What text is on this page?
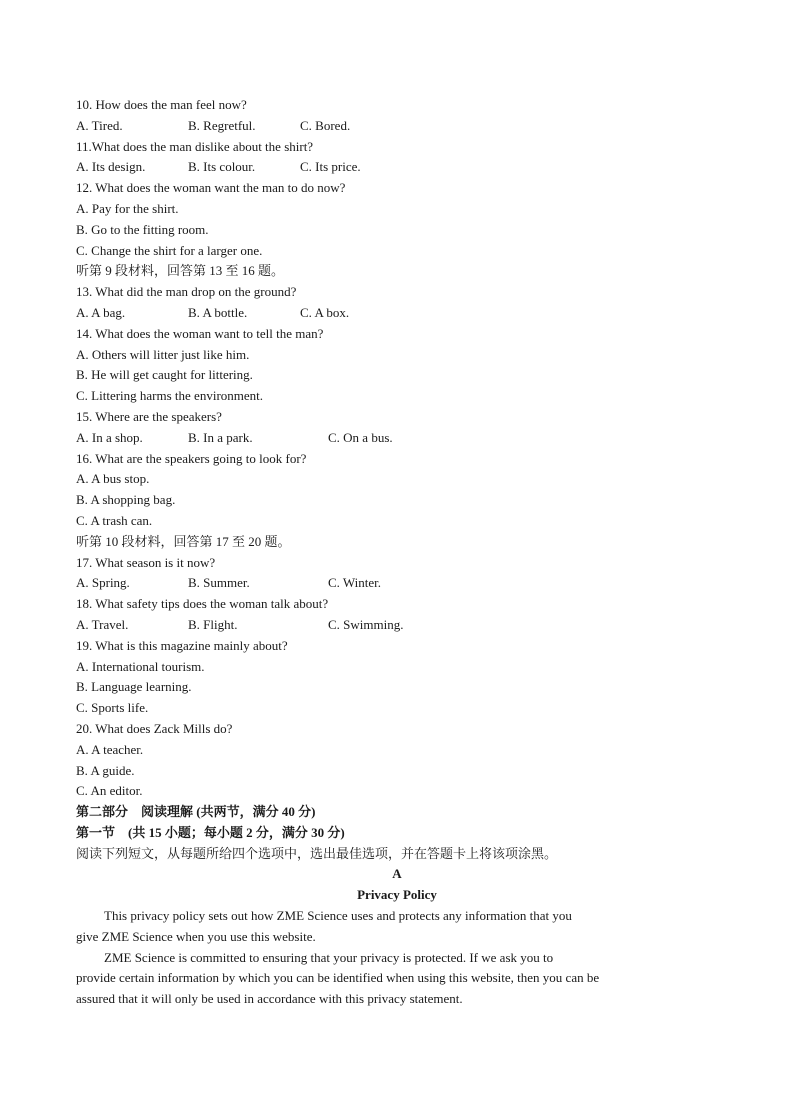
10. How does the man feel now?
A. Tired.	B. Regretful.	C. Bored.
11.What does the man dislike about the shirt?
A. Its design.	B. Its colour.	C. Its price.
12. What does the woman want the man to do now?
A. Pay for the shirt.
B. Go to the fitting room.
C. Change the shirt for a larger one.
听第 9 段材料，回答第 13 至 16 题。
13. What did the man drop on the ground?
A. A bag.	B. A bottle.	C. A box.
14. What does the woman want to tell the man?
A. Others will litter just like him.
B. He will get caught for littering.
C. Littering harms the environment.
15. Where are the speakers?
A. In a shop.	B. In a park.	C. On a bus.
16. What are the speakers going to look for?
A. A bus stop.
B. A shopping bag.
C. A trash can.
听第 10 段材料，回答第 17 至 20 题。
17. What season is it now?
A. Spring.	B. Summer.	C. Winter.
18. What safety tips does the woman talk about?
A. Travel.	B. Flight.	C. Swimming.
19. What is this magazine mainly about?
A. International tourism.
B. Language learning.
C. Sports life.
20. What does Zack Mills do?
A. A teacher.
B. A guide.
C. An editor.
第二部分　阅读理解 (共两节，满分 40 分)
第一节　(共 15 小题；每小题 2 分，满分 30 分)
阅读下列短文，从每题所给四个选项中，选出最佳选项，并在答题卡上将该项涂黑。
A
Privacy Policy
This privacy policy sets out how ZME Science uses and protects any information that you
give ZME Science when you use this website.
ZME Science is committed to ensuring that your privacy is protected. If we ask you to
provide certain information by which you can be identified when using this website, then you can be
assured that it will only be used in accordance with this privacy statement.
